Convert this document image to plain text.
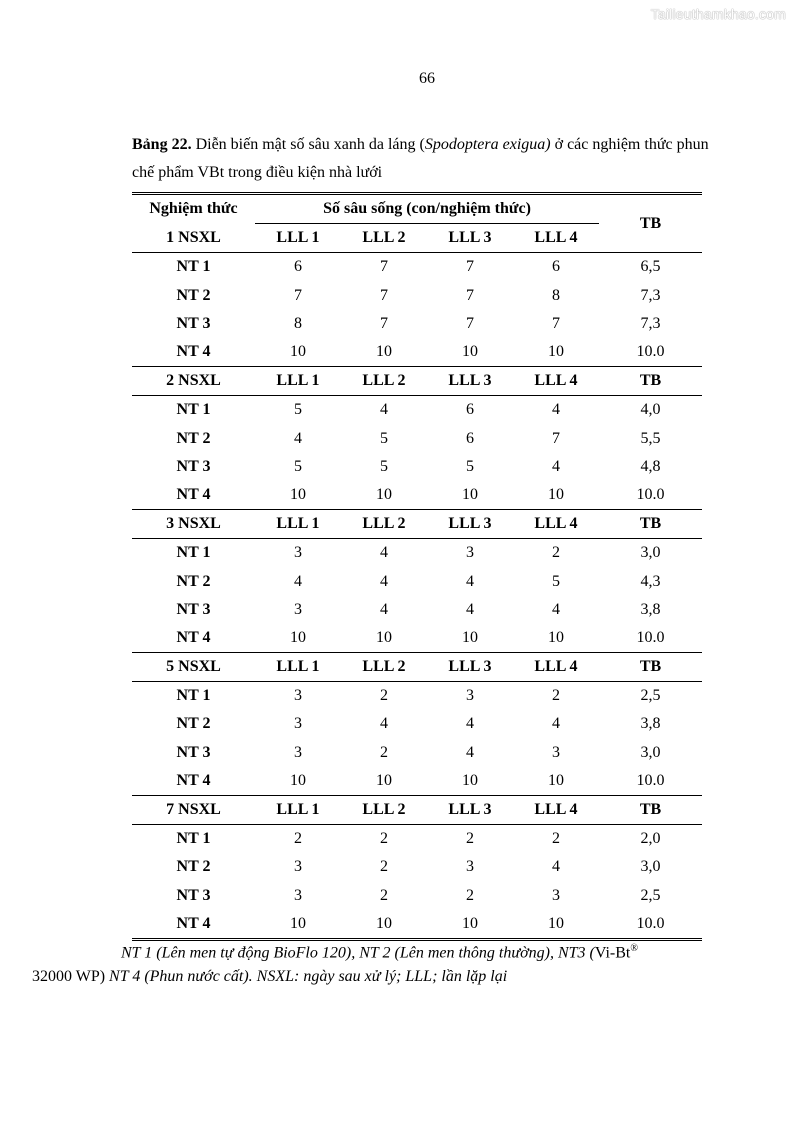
Tailieuthamkhao.com
66
Bảng 22. Diễn biến mật số sâu xanh da láng (Spodoptera exigua) ở các nghiệm thức phun chế phẩm VBt trong điều kiện nhà lưới
Nghiệm thức	Số sâu sống (con/nghiệm thức)				TB
1 NSXL	LLL 1	LLL 2	LLL 3	LLL 4	
NT 1	6	7	7	6	6,5
NT 2	7	7	7	8	7,3
NT 3	8	7	7	7	7,3
NT 4	10	10	10	10	10.0
2 NSXL	LLL 1	LLL 2	LLL 3	LLL 4	TB
NT 1	5	4	6	4	4,0
NT 2	4	5	6	7	5,5
NT 3	5	5	5	4	4,8
NT 4	10	10	10	10	10.0
3 NSXL	LLL 1	LLL 2	LLL 3	LLL 4	TB
NT 1	3	4	3	2	3,0
NT 2	4	4	4	5	4,3
NT 3	3	4	4	4	3,8
NT 4	10	10	10	10	10.0
5 NSXL	LLL 1	LLL 2	LLL 3	LLL 4	TB
NT 1	3	2	3	2	2,5
NT 2	3	4	4	4	3,8
NT 3	3	2	4	3	3,0
NT 4	10	10	10	10	10.0
7 NSXL	LLL 1	LLL 2	LLL 3	LLL 4	TB
NT 1	2	2	2	2	2,0
NT 2	3	2	3	4	3,0
NT 3	3	2	2	3	2,5
NT 4	10	10	10	10	10.0
NT 1 (Lên men tự động BioFlo 120), NT 2 (Lên men thông thường), NT3 (Vi-Bt®
32000 WP) NT 4 (Phun nước cất). NSXL: ngày sau xử lý; LLL; lần lặp lại
